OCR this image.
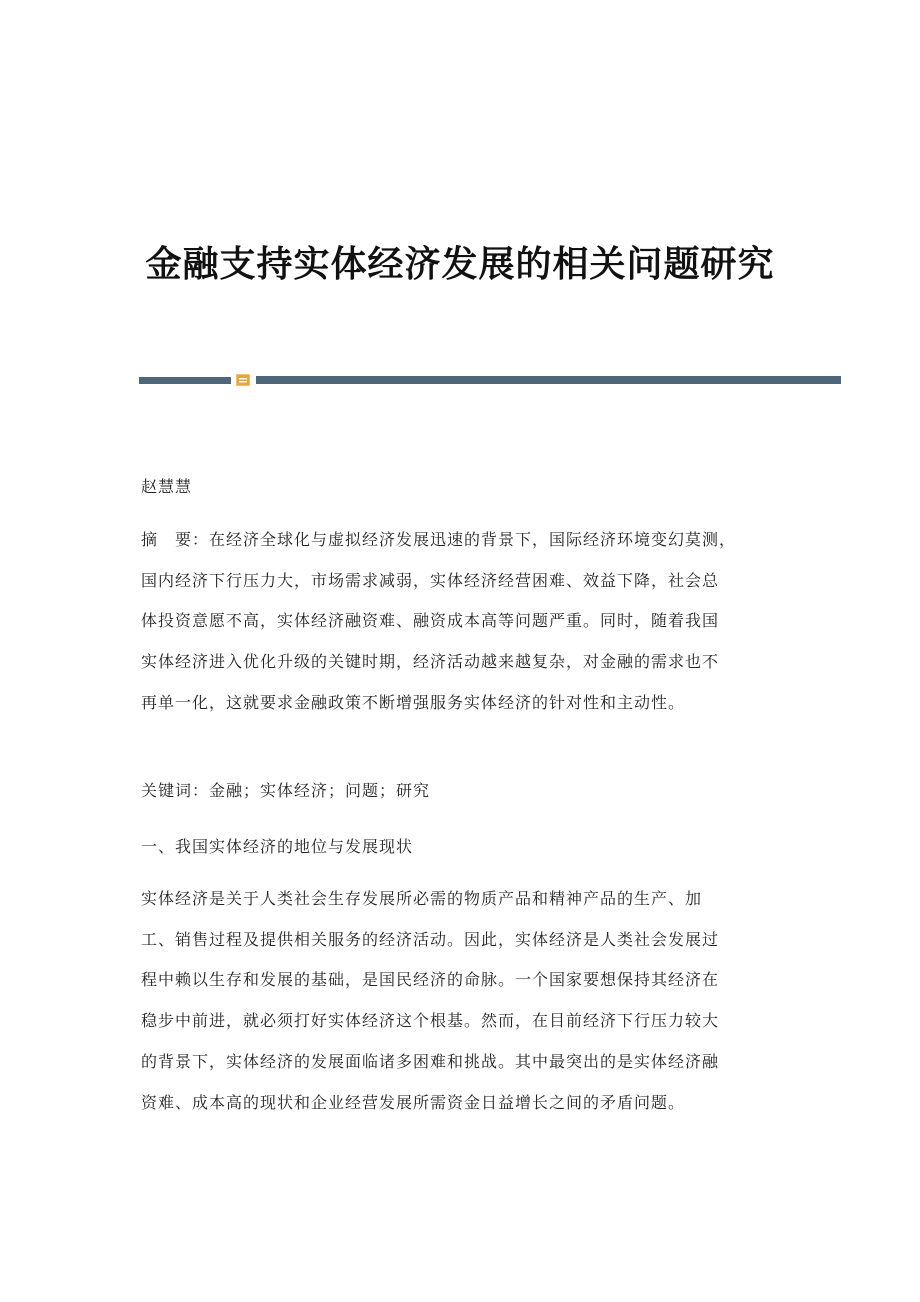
金融支持实体经济发展的相关问题研究
赵慧慧
摘　要：在经济全球化与虚拟经济发展迅速的背景下，国际经济环境变幻莫测，
国内经济下行压力大，市场需求减弱，实体经济经营困难、效益下降，社会总
体投资意愿不高，实体经济融资难、融资成本高等问题严重。同时，随着我国
实体经济进入优化升级的关键时期，经济活动越来越复杂，对金融的需求也不
再单一化，这就要求金融政策不断增强服务实体经济的针对性和主动性。
关键词：金融；实体经济；问题；研究
一、我国实体经济的地位与发展现状
实体经济是关于人类社会生存发展所必需的物质产品和精神产品的生产、加
工、销售过程及提供相关服务的经济活动。因此，实体经济是人类社会发展过
程中赖以生存和发展的基础，是国民经济的命脉。一个国家要想保持其经济在
稳步中前进，就必须打好实体经济这个根基。然而，在目前经济下行压力较大
的背景下，实体经济的发展面临诸多困难和挑战。其中最突出的是实体经济融
资难、成本高的现状和企业经营发展所需资金日益增长之间的矛盾问题。
